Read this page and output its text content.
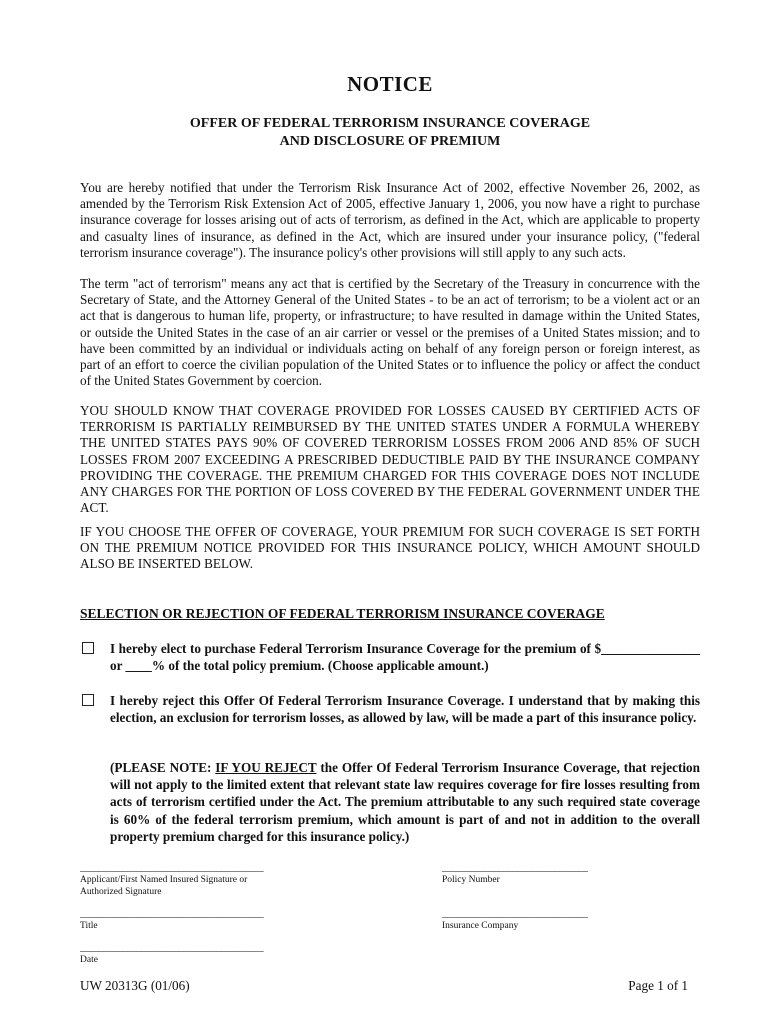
NOTICE
OFFER OF FEDERAL TERRORISM INSURANCE COVERAGE
AND DISCLOSURE OF PREMIUM

You are hereby notified that under the Terrorism Risk Insurance Act of 2002, effective November 26, 2002, as amended by the Terrorism Risk Extension Act of 2005, effective January 1, 2006, you now have a right to purchase insurance coverage for losses arising out of acts of terrorism, as defined in the Act, which are applicable to property and casualty lines of insurance, as defined in the Act, which are insured under your insurance policy, ("federal terrorism insurance coverage"). The insurance policy's other provisions will still apply to any such acts.

The term "act of terrorism" means any act that is certified by the Secretary of the Treasury in concurrence with the Secretary of State, and the Attorney General of the United States - to be an act of terrorism; to be a violent act or an act that is dangerous to human life, property, or infrastructure; to have resulted in damage within the United States, or outside the United States in the case of an air carrier or vessel or the premises of a United States mission; and to have been committed by an individual or individuals acting on behalf of any foreign person or foreign interest, as part of an effort to coerce the civilian population of the United States or to influence the policy or affect the conduct of the United States Government by coercion.

YOU SHOULD KNOW THAT COVERAGE PROVIDED FOR LOSSES CAUSED BY CERTIFIED ACTS OF TERRORISM IS PARTIALLY REIMBURSED BY THE UNITED STATES UNDER A FORMULA WHEREBY THE UNITED STATES PAYS 90% OF COVERED TERRORISM LOSSES FROM 2006 AND 85% OF SUCH LOSSES FROM 2007 EXCEEDING A PRESCRIBED DEDUCTIBLE PAID BY THE INSURANCE COMPANY PROVIDING THE COVERAGE. THE PREMIUM CHARGED FOR THIS COVERAGE DOES NOT INCLUDE ANY CHARGES FOR THE PORTION OF LOSS COVERED BY THE FEDERAL GOVERNMENT UNDER THE ACT.

IF YOU CHOOSE THE OFFER OF COVERAGE, YOUR PREMIUM FOR SUCH COVERAGE IS SET FORTH ON THE PREMIUM NOTICE PROVIDED FOR THIS INSURANCE POLICY, WHICH AMOUNT SHOULD ALSO BE INSERTED BELOW.

SELECTION OR REJECTION OF FEDERAL TERRORISM INSURANCE COVERAGE
I hereby elect to purchase Federal Terrorism Insurance Coverage for the premium of $_______________ or ____% of the total policy premium. (Choose applicable amount.)
I hereby reject this Offer Of Federal Terrorism Insurance Coverage. I understand that by making this election, an exclusion for terrorism losses, as allowed by law, will be made a part of this insurance policy.
(PLEASE NOTE: IF YOU REJECT the Offer Of Federal Terrorism Insurance Coverage, that rejection will not apply to the limited extent that relevant state law requires coverage for fire losses resulting from acts of terrorism certified under the Act. The premium attributable to any such required state coverage is 60% of the federal terrorism premium, which amount is part of and not in addition to the overall property premium charged for this insurance policy.)
_______________________________________
Applicant/First Named Insured Signature or
Authorized Signature
_______________________________
Policy Number
_______________________________________
Title
_______________________________
Insurance Company
_______________________________________
Date
UW 20313G (01/06)	Page 1 of 1
